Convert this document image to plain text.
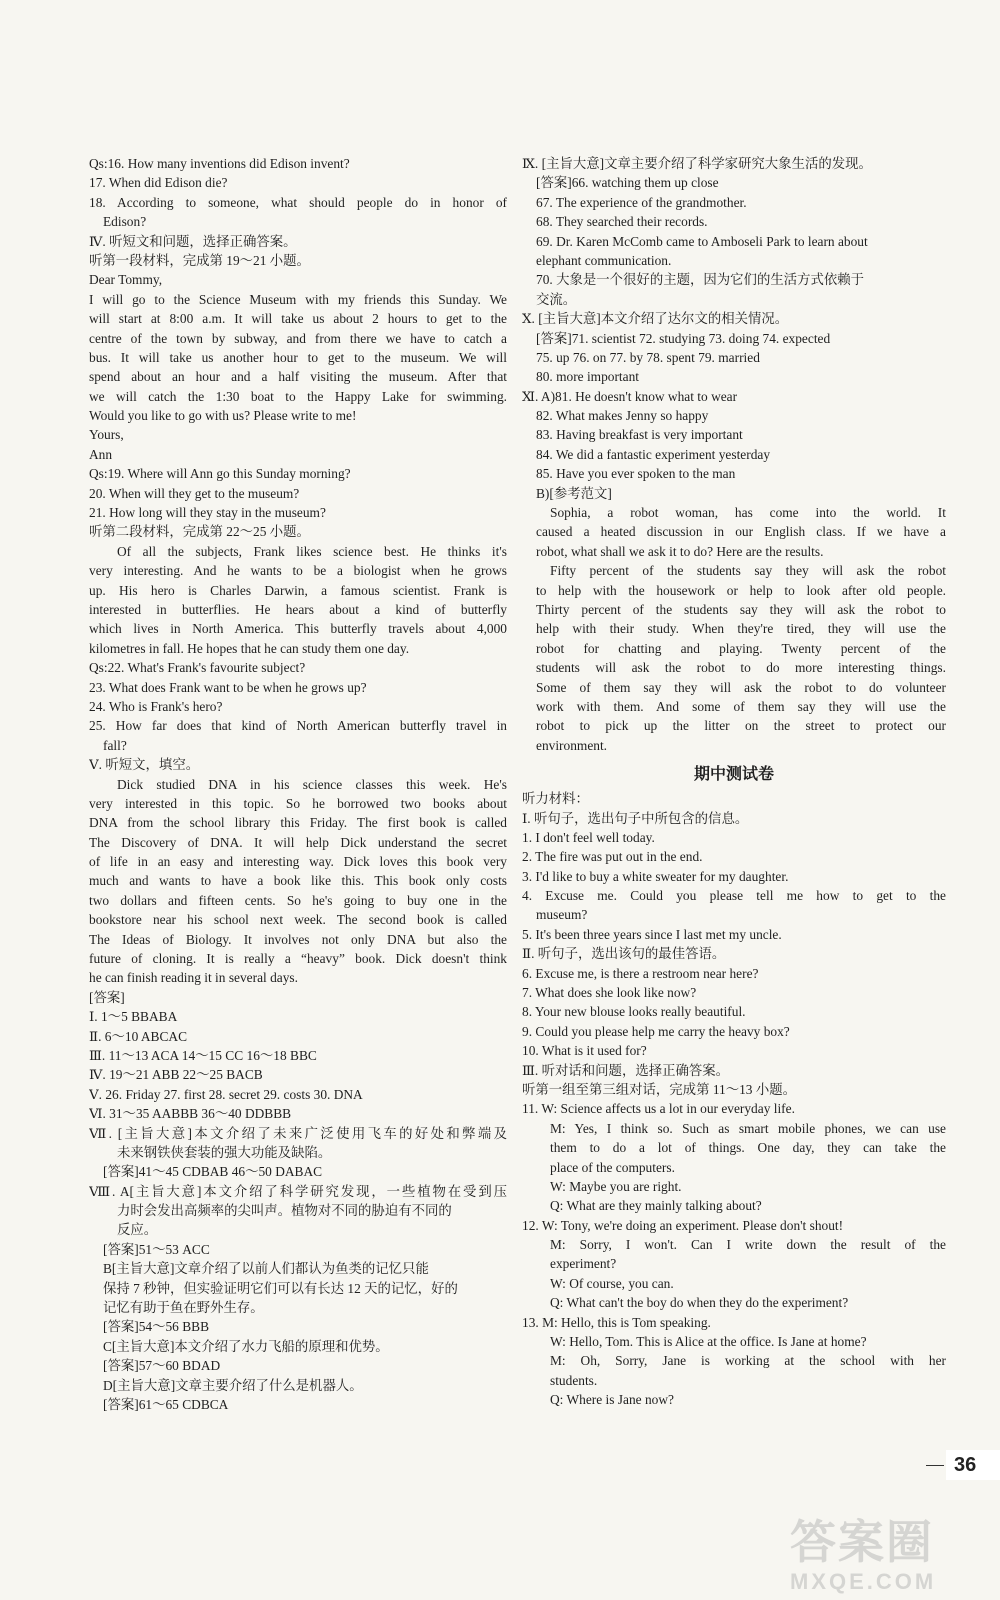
Qs:16. How many inventions did Edison invent?
17. When did Edison die?
18. According to someone, what should people do in honor of
Edison?
Ⅳ. 听短文和问题，选择正确答案。
听第一段材料，完成第 19～21 小题。
Dear Tommy,
I will go to the Science Museum with my friends this Sunday. We
will start at 8:00 a.m. It will take us about 2 hours to get to the
centre of the town by subway, and from there we have to catch a
bus. It will take us another hour to get to the museum. We will
spend about an hour and a half visiting the museum. After that
we will catch the 1:30 boat to the Happy Lake for swimming.
Would you like to go with us? Please write to me!
Yours,
Ann
Qs:19. Where will Ann go this Sunday morning?
20. When will they get to the museum?
21. How long will they stay in the museum?
听第二段材料，完成第 22～25 小题。
Of all the subjects, Frank likes science best. He thinks it's
very interesting. And he wants to be a biologist when he grows
up. His hero is Charles Darwin, a famous scientist. Frank is
interested in butterflies. He hears about a kind of butterfly
which lives in North America. This butterfly travels about 4,000
kilometres in fall. He hopes that he can study them one day.
Qs:22. What's Frank's favourite subject?
23. What does Frank want to be when he grows up?
24. Who is Frank's hero?
25. How far does that kind of North American butterfly travel in
fall?
Ⅴ. 听短文，填空。
Dick studied DNA in his science classes this week. He's
very interested in this topic. So he borrowed two books about
DNA from the school library this Friday. The first book is called
The Discovery of DNA. It will help Dick understand the secret
of life in an easy and interesting way. Dick loves this book very
much and wants to have a book like this. This book only costs
two dollars and fifteen cents. So he's going to buy one in the
bookstore near his school next week. The second book is called
The Ideas of Biology. It involves not only DNA but also the
future of cloning. It is really a “heavy” book. Dick doesn't think
he can finish reading it in several days.
[答案]
Ⅰ. 1～5 BBABA
Ⅱ. 6～10 ABCAC
Ⅲ. 11～13 ACA 14～15 CC 16～18 BBC
Ⅳ. 19～21 ABB 22～25 BACB
Ⅴ. 26. Friday 27. first 28. secret 29. costs 30. DNA
Ⅵ. 31～35 AABBB 36～40 DDBBB
Ⅶ. [主旨大意]本文介绍了未来广泛使用飞车的好处和弊端及
未来钢铁侠套装的强大功能及缺陷。
[答案]41～45 CDBAB 46～50 DABAC
Ⅷ. A[主旨大意]本文介绍了科学研究发现，一些植物在受到压
力时会发出高频率的尖叫声。植物对不同的胁迫有不同的
反应。
[答案]51～53 ACC
B[主旨大意]文章介绍了以前人们都认为鱼类的记忆只能
保持 7 秒钟，但实验证明它们可以有长达 12 天的记忆，好的
记忆有助于鱼在野外生存。
[答案]54～56 BBB
C[主旨大意]本文介绍了水力飞船的原理和优势。
[答案]57～60 BDAD
D[主旨大意]文章主要介绍了什么是机器人。
[答案]61～65 CDBCA
Ⅸ. [主旨大意]文章主要介绍了科学家研究大象生活的发现。
[答案]66. watching them up close
67. The experience of the grandmother.
68. They searched their records.
69. Dr. Karen McComb came to Amboseli Park to learn about
elephant communication.
70. 大象是一个很好的主题，因为它们的生活方式依赖于
交流。
Ⅹ. [主旨大意]本文介绍了达尔文的相关情况。
[答案]71. scientist 72. studying 73. doing 74. expected
75. up 76. on 77. by 78. spent 79. married
80. more important
Ⅺ. A)81. He doesn't know what to wear
82. What makes Jenny so happy
83. Having breakfast is very important
84. We did a fantastic experiment yesterday
85. Have you ever spoken to the man
B)[参考范文]
Sophia, a robot woman, has come into the world. It
caused a heated discussion in our English class. If we have a
robot, what shall we ask it to do? Here are the results.
Fifty percent of the students say they will ask the robot
to help with the housework or help to look after old people.
Thirty percent of the students say they will ask the robot to
help with their study. When they're tired, they will use the
robot for chatting and playing. Twenty percent of the
students will ask the robot to do more interesting things.
Some of them say they will ask the robot to do volunteer
work with them. And some of them say they will use the
robot to pick up the litter on the street to protect our
environment.
期中测试卷
听力材料：
Ⅰ. 听句子，选出句子中所包含的信息。
1. I don't feel well today.
2. The fire was put out in the end.
3. I'd like to buy a white sweater for my daughter.
4. Excuse me. Could you please tell me how to get to the
museum?
5. It's been three years since I last met my uncle.
Ⅱ. 听句子，选出该句的最佳答语。
6. Excuse me, is there a restroom near here?
7. What does she look like now?
8. Your new blouse looks really beautiful.
9. Could you please help me carry the heavy box?
10. What is it used for?
Ⅲ. 听对话和问题，选择正确答案。
听第一组至第三组对话，完成第 11～13 小题。
11. W: Science affects us a lot in our everyday life.
M: Yes, I think so. Such as smart mobile phones, we can use
them to do a lot of things. One day, they can take the
place of the computers.
W: Maybe you are right.
Q: What are they mainly talking about?
12. W: Tony, we're doing an experiment. Please don't shout!
M: Sorry, I won't. Can I write down the result of the
experiment?
W: Of course, you can.
Q: What can't the boy do when they do the experiment?
13. M: Hello, this is Tom speaking.
W: Hello, Tom. This is Alice at the office. Is Jane at home?
M: Oh, Sorry, Jane is working at the school with her
students.
Q: Where is Jane now?
36
答案圈
MXQE.COM
